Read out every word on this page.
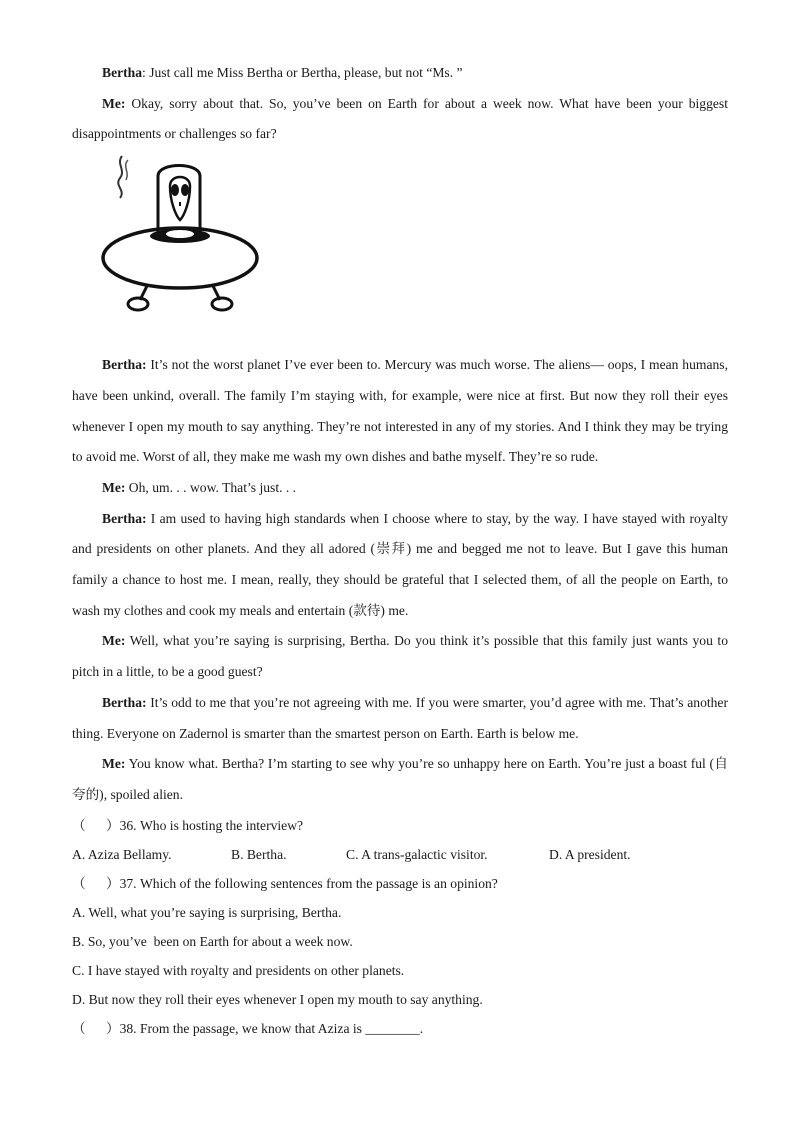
Bertha: Just call me Miss Bertha or Bertha, please, but not “Ms. ”

Me: Okay, sorry about that. So, you’ve been on Earth for about a week now. What have been your biggest disappointments or challenges so far?

Bertha: It’s not the worst planet I’ve ever been to. Mercury was much worse. The aliens— oops, I mean humans, have been unkind, overall. The family I’m staying with, for example, were nice at first. But now they roll their eyes whenever I open my mouth to say anything. They’re not interested in any of my stories. And I think they may be trying to avoid me. Worst of all, they make me wash my own dishes and bathe myself. They’re so rude.

Me: Oh, um. . . wow. That’s just. . .

Bertha: I am used to having high standards when I choose where to stay, by the way. I have stayed with royalty and presidents on other planets. And they all adored (崇拜) me and begged me not to leave. But I gave this human family a chance to host me. I mean, really, they should be grateful that I selected them, of all the people on Earth, to wash my clothes and cook my meals and entertain (款待) me.

Me: Well, what you’re saying is surprising, Bertha. Do you think it’s possible that this family just wants you to pitch in a little, to be a good guest?

Bertha: It’s odd to me that you’re not agreeing with me. If you were smarter, you’d agree with me. That’s another thing. Everyone on Zadernol is smarter than the smartest person on Earth. Earth is below me.

Me: You know what. Bertha? I’m starting to see why you’re so unhappy here on Earth. You’re just a boast ful (自夸的), spoiled alien.

（      ）36. Who is hosting the interview?

A. Aziza Bellamy.	B. Bertha.	C. A trans-galactic visitor.	D. A president.

（      ）37. Which of the following sentences from the passage is an opinion?

A. Well, what you’re saying is surprising, Bertha.

B. So, you’ve  been on Earth for about a week now.

C. I have stayed with royalty and presidents on other planets.

D. But now they roll their eyes whenever I open my mouth to say anything.

（      ）38. From the passage, we know that Aziza is ________.
